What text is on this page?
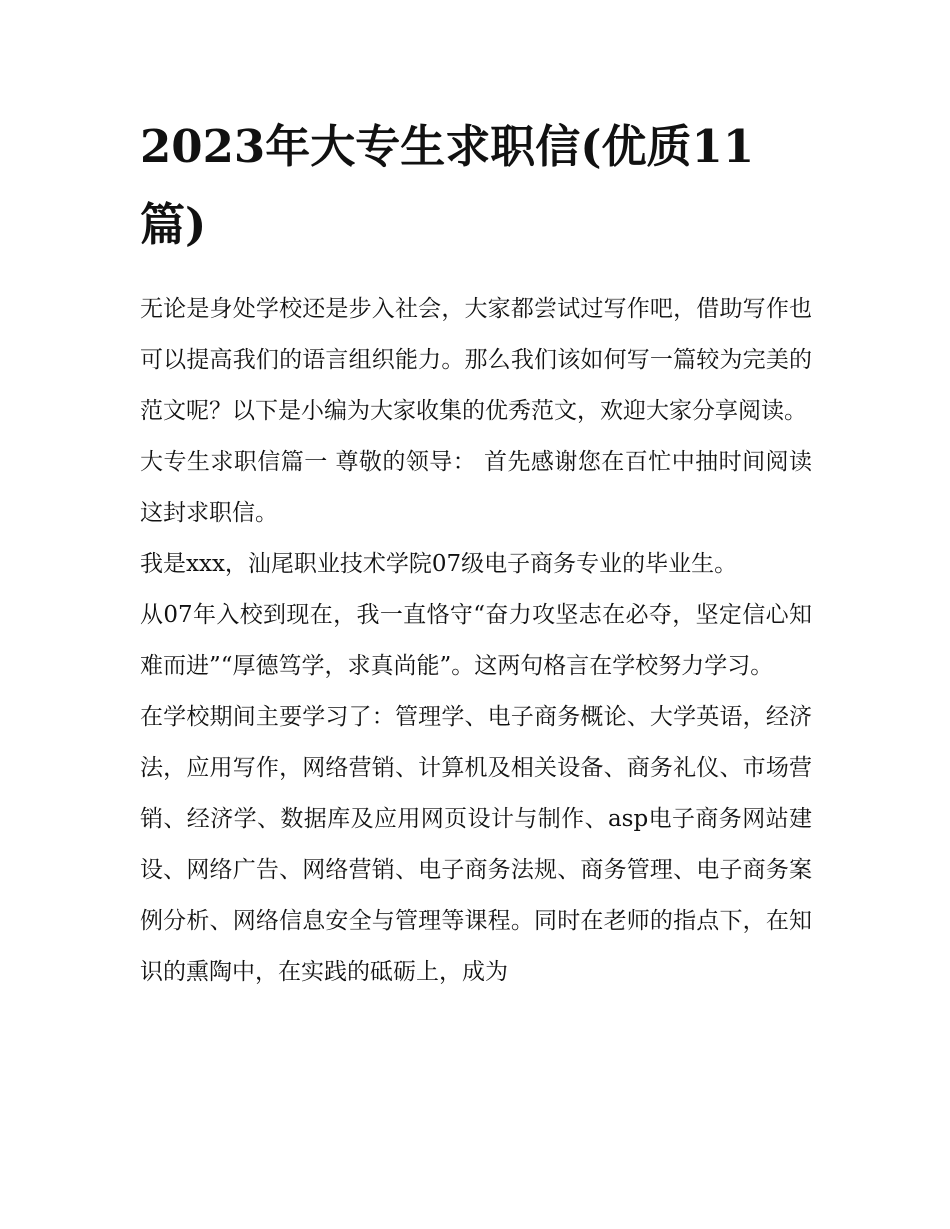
2023年大专生求职信(优质11篇)

无论是身处学校还是步入社会，大家都尝试过写作吧，借助写作也可以提高我们的语言组织能力。那么我们该如何写一篇较为完美的范文呢？以下是小编为大家收集的优秀范文，欢迎大家分享阅读。

大专生求职信篇一 尊敬的领导： 首先感谢您在百忙中抽时间阅读这封求职信。

我是xxx，汕尾职业技术学院07级电子商务专业的毕业生。

从07年入校到现在，我一直恪守“奋力攻坚志在必夺，坚定信心知难而进”“厚德笃学，求真尚能”。这两句格言在学校努力学习。

在学校期间主要学习了：管理学、电子商务概论、大学英语，经济法，应用写作，网络营销、计算机及相关设备、商务礼仪、市场营销、经济学、数据库及应用网页设计与制作、asp电子商务网站建设、网络广告、网络营销、电子商务法规、商务管理、电子商务案例分析、网络信息安全与管理等课程。同时在老师的指点下，在知识的熏陶中，在实践的砥砺上，成为
